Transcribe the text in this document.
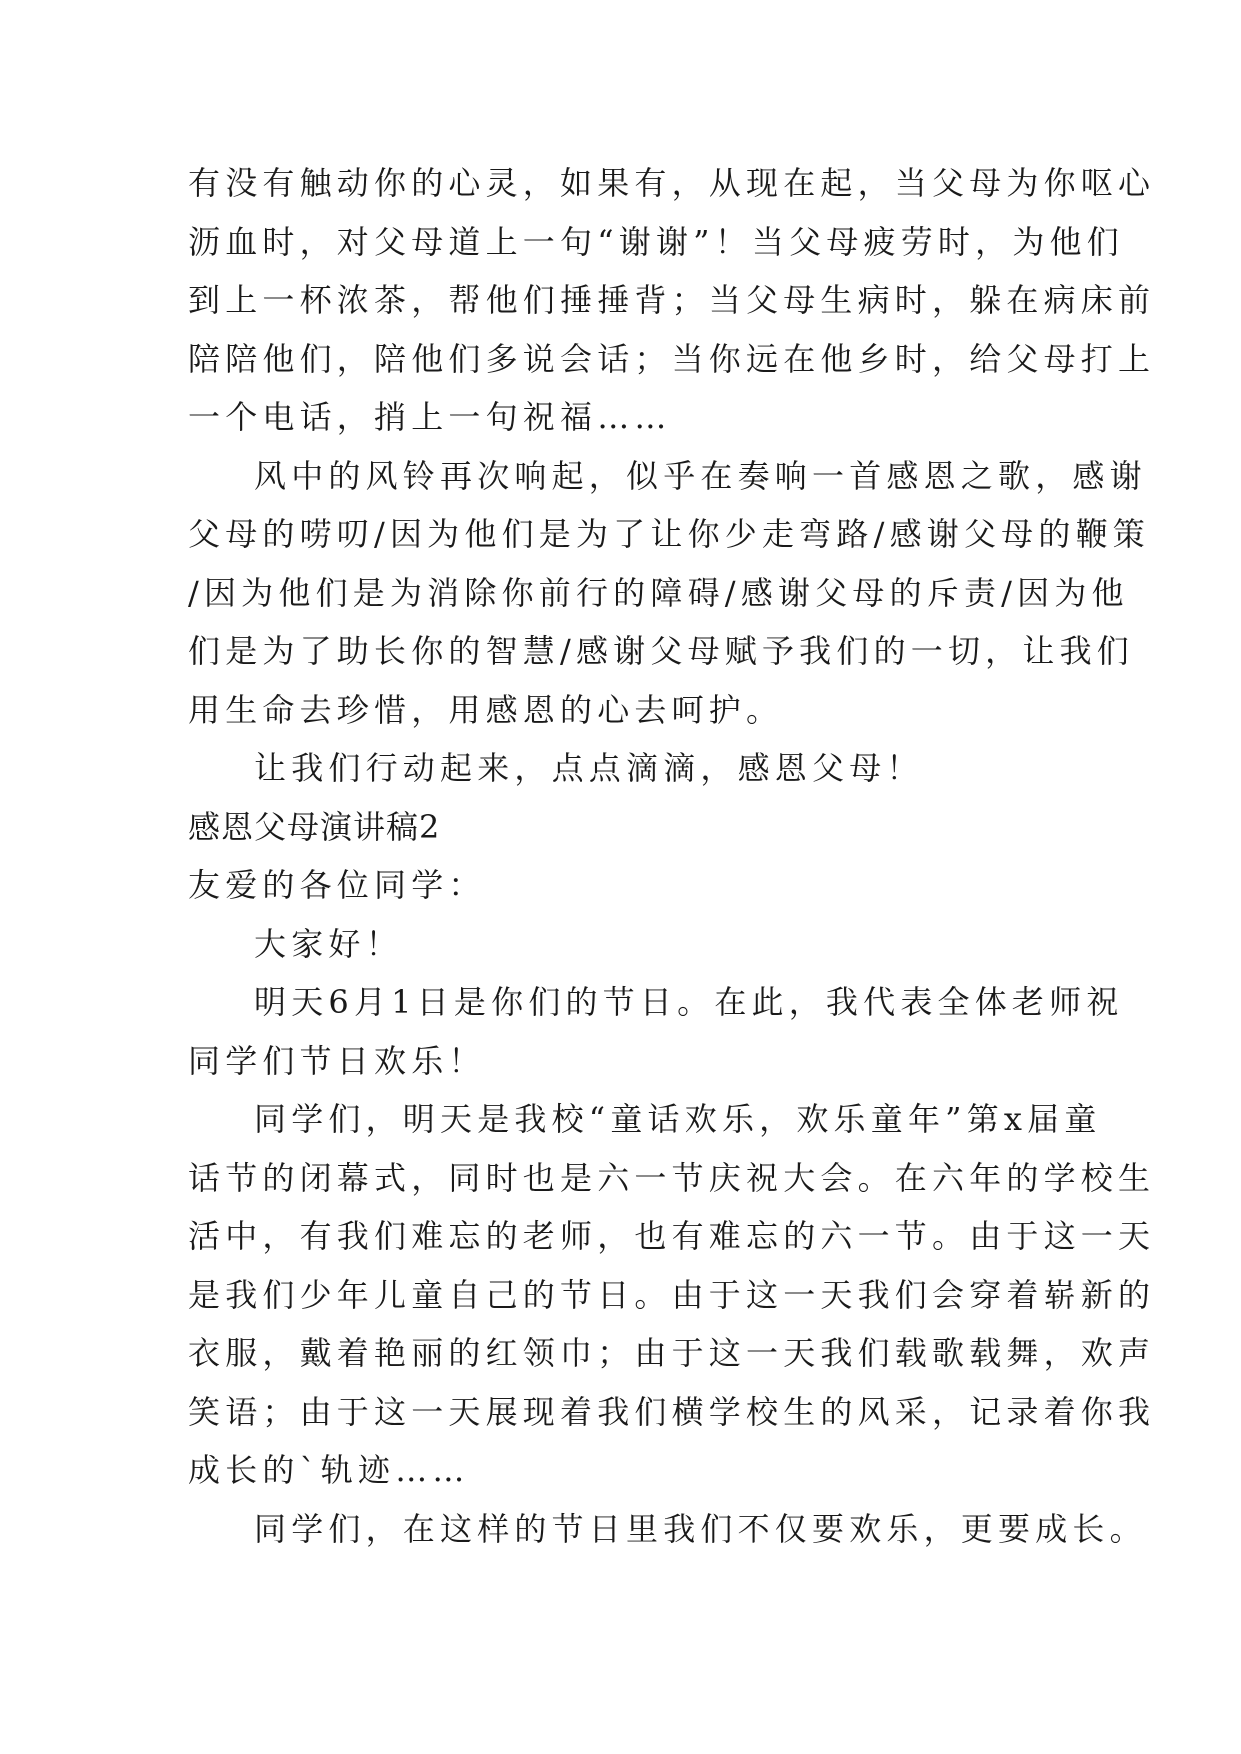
有没有触动你的心灵，如果有，从现在起，当父母为你呕心
沥血时，对父母道上一句“谢谢”！当父母疲劳时，为他们
到上一杯浓茶，帮他们捶捶背；当父母生病时，躲在病床前
陪陪他们，陪他们多说会话；当你远在他乡时，给父母打上
一个电话，捎上一句祝福……
风中的风铃再次响起，似乎在奏响一首感恩之歌，感谢
父母的唠叨/因为他们是为了让你少走弯路/感谢父母的鞭策
/因为他们是为消除你前行的障碍/感谢父母的斥责/因为他
们是为了助长你的智慧/感谢父母赋予我们的一切，让我们
用生命去珍惜，用感恩的心去呵护。
让我们行动起来，点点滴滴，感恩父母！
感恩父母演讲稿2
友爱的各位同学：
大家好！
明天6月1日是你们的节日。在此，我代表全体老师祝
同学们节日欢乐！
同学们，明天是我校“童话欢乐，欢乐童年”第x届童
话节的闭幕式，同时也是六一节庆祝大会。在六年的学校生
活中，有我们难忘的老师，也有难忘的六一节。由于这一天
是我们少年儿童自己的节日。由于这一天我们会穿着崭新的
衣服，戴着艳丽的红领巾；由于这一天我们载歌载舞，欢声
笑语；由于这一天展现着我们横学校生的风采，记录着你我
成长的`轨迹……
同学们，在这样的节日里我们不仅要欢乐，更要成长。
